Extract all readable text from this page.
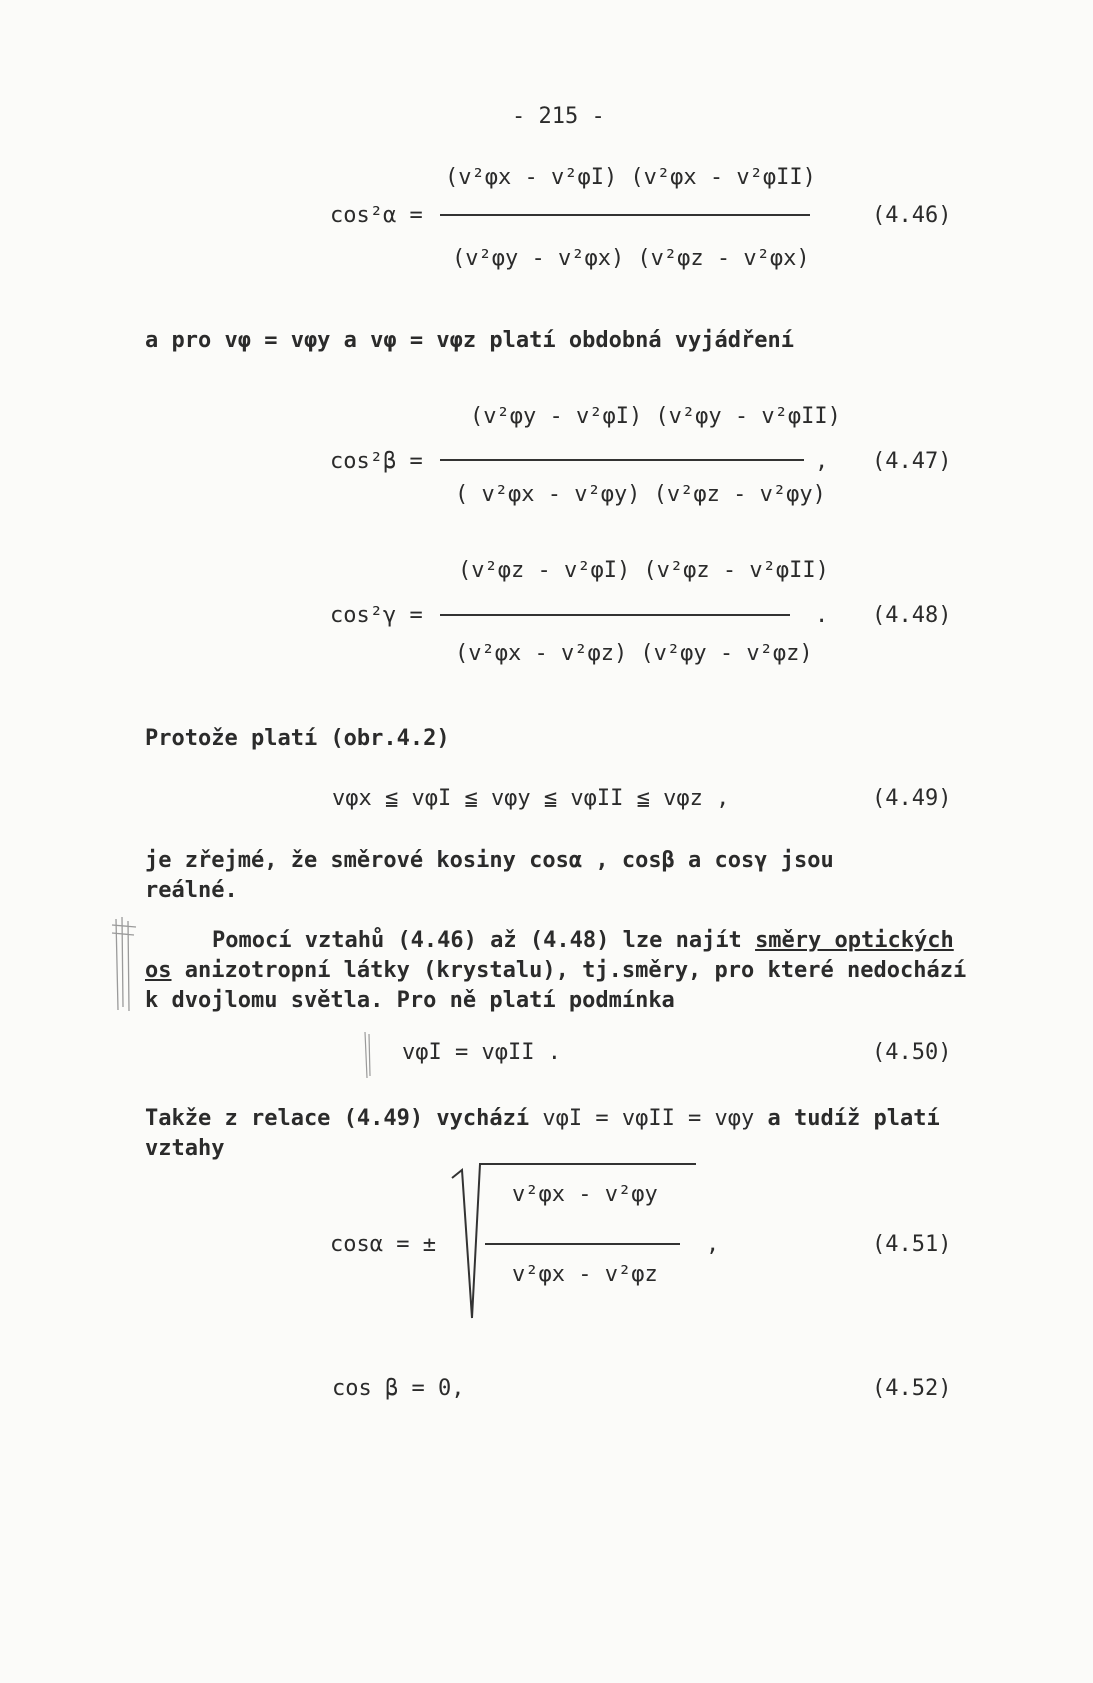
- 215 -
(v²φx - v²φI) (v²φx - v²φII)
cos²α =
(v²φy - v²φx) (v²φz - v²φx)
(4.46)
a pro vφ = vφy a vφ = vφz platí obdobná vyjádření
(v²φy - v²φI) (v²φy - v²φII)
cos²β =	,
( v²φx - v²φy) (v²φz - v²φy)
(4.47)
(v²φz - v²φI) (v²φz - v²φII)
cos²γ =	.
(v²φx - v²φz) (v²φy - v²φz)
(4.48)
Protože platí (obr.4.2)
vφx ≦ vφI ≦ vφy ≦ vφII ≦ vφz ,	(4.49)
je zřejmé, že směrové kosiny cosα , cosβ a cosγ jsou
reálné.
Pomocí vztahů (4.46) až (4.48) lze najít směry optických
os anizotropní látky (krystalu), tj.směry, pro které nedochází
k dvojlomu světla. Pro ně platí podmínka
vφI = vφII .	(4.50)
Takže z relace (4.49) vychází vφI = vφII = vφy a tudíž platí
vztahy
cosα = ±
v²φx - v²φy
v²φx - v²φz
,	(4.51)
cos β = 0,	(4.52)
